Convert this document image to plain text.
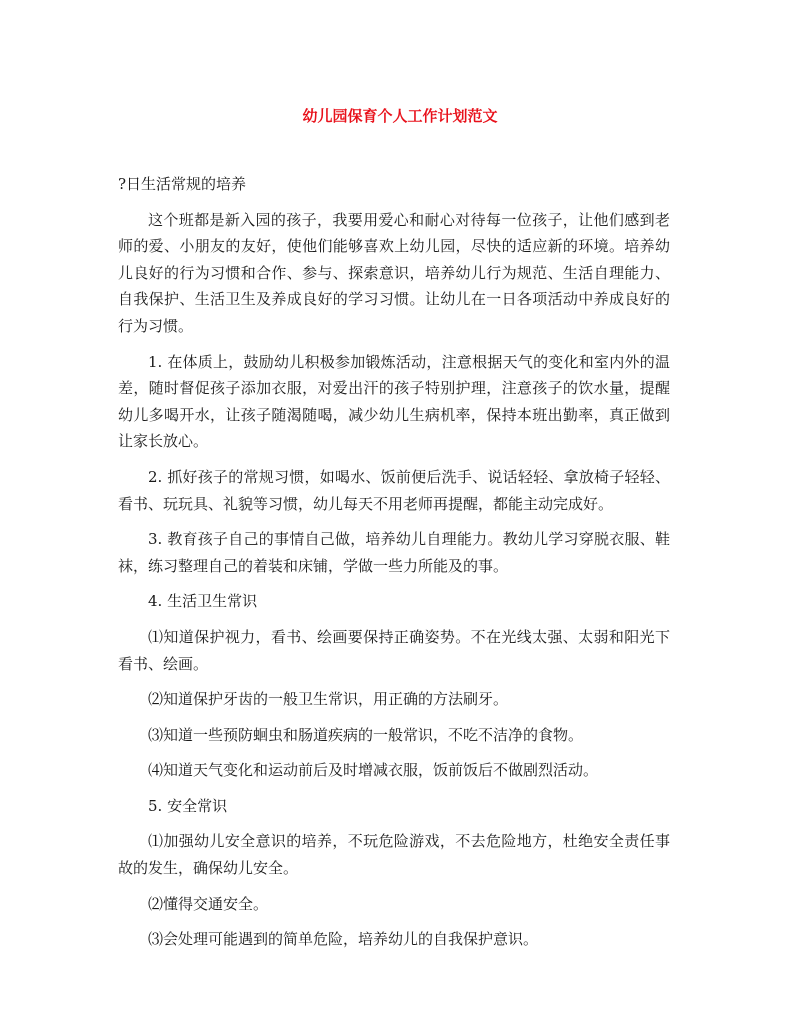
幼儿园保育个人工作计划范文

?日生活常规的培养

这个班都是新入园的孩子，我要用爱心和耐心对待每一位孩子，让他们感到老师的爱、小朋友的友好，使他们能够喜欢上幼儿园，尽快的适应新的环境。培养幼儿良好的行为习惯和合作、参与、探索意识，培养幼儿行为规范、生活自理能力、自我保护、生活卫生及养成良好的学习习惯。让幼儿在一日各项活动中养成良好的行为习惯。

1. 在体质上，鼓励幼儿积极参加锻炼活动，注意根据天气的变化和室内外的温差，随时督促孩子添加衣服，对爱出汗的孩子特别护理，注意孩子的饮水量，提醒幼儿多喝开水，让孩子随渴随喝，减少幼儿生病机率，保持本班出勤率，真正做到让家长放心。

2. 抓好孩子的常规习惯，如喝水、饭前便后洗手、说话轻轻、拿放椅子轻轻、看书、玩玩具、礼貌等习惯，幼儿每天不用老师再提醒，都能主动完成好。

3. 教育孩子自己的事情自己做，培养幼儿自理能力。教幼儿学习穿脱衣服、鞋袜，练习整理自己的着装和床铺，学做一些力所能及的事。

4. 生活卫生常识

⑴知道保护视力，看书、绘画要保持正确姿势。不在光线太强、太弱和阳光下看书、绘画。

⑵知道保护牙齿的一般卫生常识，用正确的方法刷牙。

⑶知道一些预防蛔虫和肠道疾病的一般常识，不吃不洁净的食物。

⑷知道天气变化和运动前后及时增减衣服，饭前饭后不做剧烈活动。

5. 安全常识

⑴加强幼儿安全意识的培养，不玩危险游戏，不去危险地方，杜绝安全责任事故的发生，确保幼儿安全。

⑵懂得交通安全。

⑶会处理可能遇到的简单危险，培养幼儿的自我保护意识。
